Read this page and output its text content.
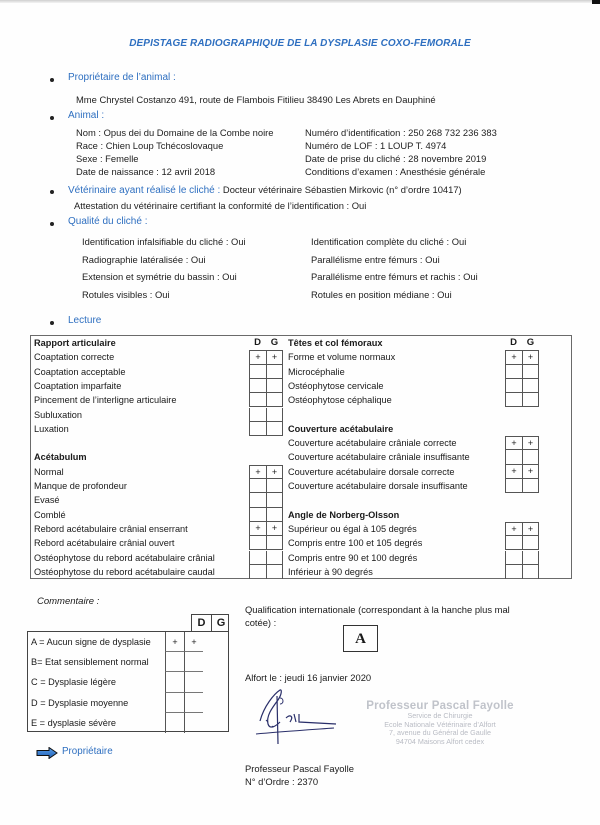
DEPISTAGE RADIOGRAPHIQUE DE LA DYSPLASIE COXO-FEMORALE
Propriétaire de l’animal :
Mme Chrystel Costanzo 491, route de Flambois Fitilieu 38490 Les Abrets en Dauphiné
Animal :
Nom : Opus dei du Domaine de la Combe noire
Race : Chien Loup Tchécoslovaque
Sexe : Femelle
Date de naissance : 12 avril 2018
Numéro d’identification : 250 268 732 236 383
Numéro de LOF : 1 LOUP T. 4974
Date de prise du cliché : 28 novembre 2019
Conditions d’examen : Anesthésie générale
Vétérinaire ayant réalisé le cliché : Docteur vétérinaire Sébastien Mirkovic (n° d’ordre 10417)
Attestation du vétérinaire certifiant la conformité de l’identification : Oui
Qualité du cliché :
Identification infalsifiable du cliché : Oui
Radiographie latéralisée : Oui
Extension et symétrie du bassin : Oui
Rotules visibles : Oui
Identification complète du cliché : Oui
Parallélisme entre fémurs : Oui
Parallélisme entre fémurs et rachis : Oui
Rotules en position médiane : Oui
Lecture
Rapport articulaire	D	G
Coaptation correcte	+	+
Coaptation acceptable
Coaptation imparfaite
Pincement de l’interligne articulaire
Subluxation
Luxation
Acétabulum
Normal	+	+
Manque de profondeur
Evasé
Comblé
Rebord acétabulaire crânial enserrant	+	+
Rebord acétabulaire crânial ouvert
Ostéophytose du rebord acétabulaire crânial
Ostéophytose du rebord acétabulaire caudal
Têtes et col fémoraux	D	G
Forme et volume normaux	+	+
Microcéphalie
Ostéophytose cervicale
Ostéophytose céphalique
Couverture acétabulaire
Couverture acétabulaire crâniale correcte	+	+
Couverture acétabulaire crâniale insuffisante
Couverture acétabulaire dorsale correcte	+	+
Couverture acétabulaire dorsale insuffisante
Angle de Norberg-Olsson
Supérieur ou égal à 105 degrés	+	+
Compris entre 100 et 105 degrés
Compris entre 90 et 100 degrés
Inférieur à 90 degrés
Commentaire :
D	G
A = Aucun signe de dysplasie	+	+
B= Etat sensiblement normal
C = Dysplasie légère
D = Dysplasie moyenne
E = dysplasie sévère
Propriétaire
Qualification internationale (correspondant à la hanche plus mal cotée) :
A
Alfort le : jeudi 16 janvier 2020
Professeur Pascal Fayolle
Service de Chirurgie
Ecole Nationale Vétérinaire d’Alfort
7, avenue du Général de Gaulle
94704 Maisons Alfort cedex
Professeur Pascal Fayolle
N° d’Ordre : 2370
